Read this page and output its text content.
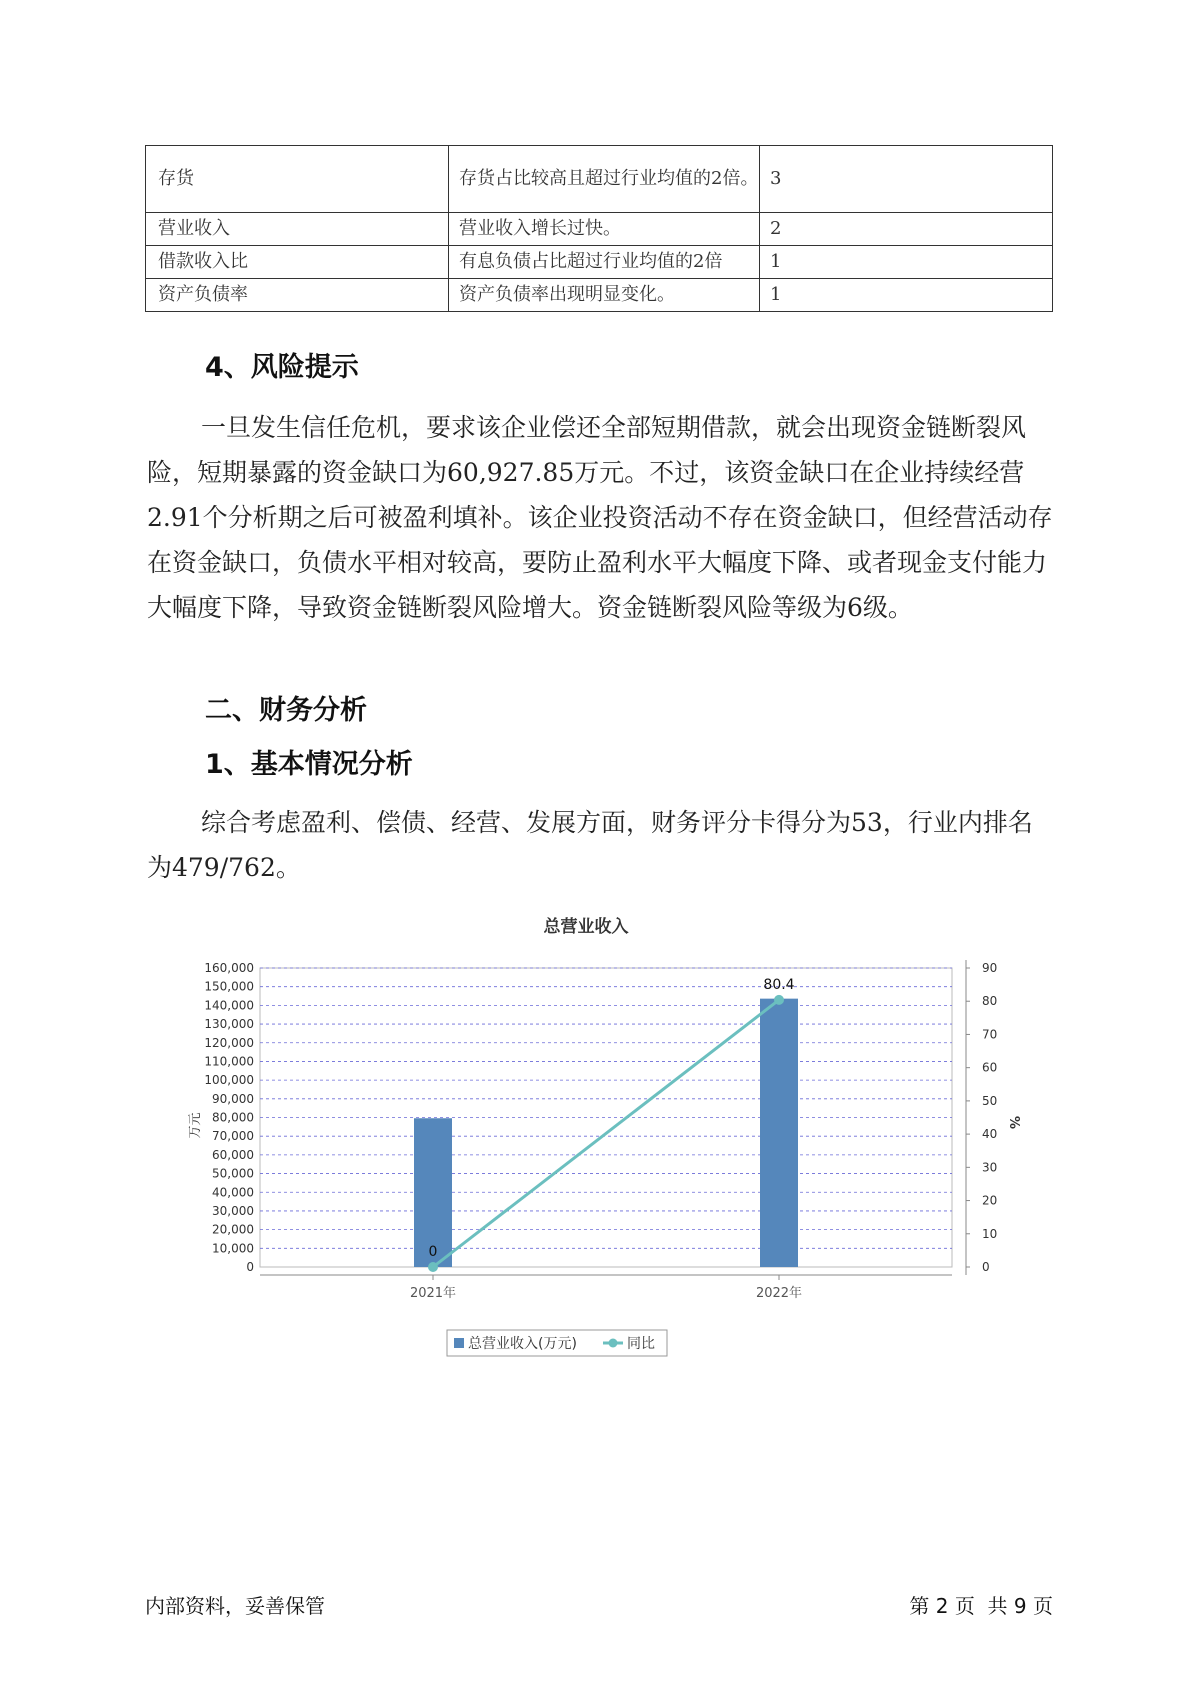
存货	存货占比较高且超过行业均值的2倍。	3
营业收入	营业收入增长过快。	2
借款收入比	有息负债占比超过行业均值的2倍	1
资产负债率	资产负债率出现明显变化。	1
4、风险提示

一旦发生信任危机，要求该企业偿还全部短期借款，就会出现资金链断裂风险，短期暴露的资金缺口为60,927.85万元。不过，该资金缺口在企业持续经营 2.91个分析期之后可被盈利填补。该企业投资活动不存在资金缺口，但经营活动存在资金缺口，负债水平相对较高，要防止盈利水平大幅度下降、或者现金支付能力大幅度下降，导致资金链断裂风险增大。资金链断裂风险等级为6级。

二、财务分析
1、基本情况分析

综合考虑盈利、偿债、经营、发展方面，财务评分卡得分为53，行业内排名为479/762。

总营业收入
0
10,000
20,000
30,000
40,000
50,000
60,000
70,000
80,000
90,000
100,000
110,000
120,000
130,000
140,000
150,000
160,000
0
10
20
30
40
50
60
70
80
90
万元	%
2021年	2022年
0
80.4
总营业收入(万元)	同比
内部资料，妥善保管	第 2 页  共 9 页
